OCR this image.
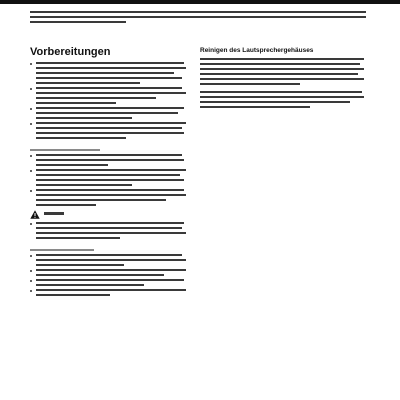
Vorbereitungen	Reinigen des Lautsprechergehäuses
